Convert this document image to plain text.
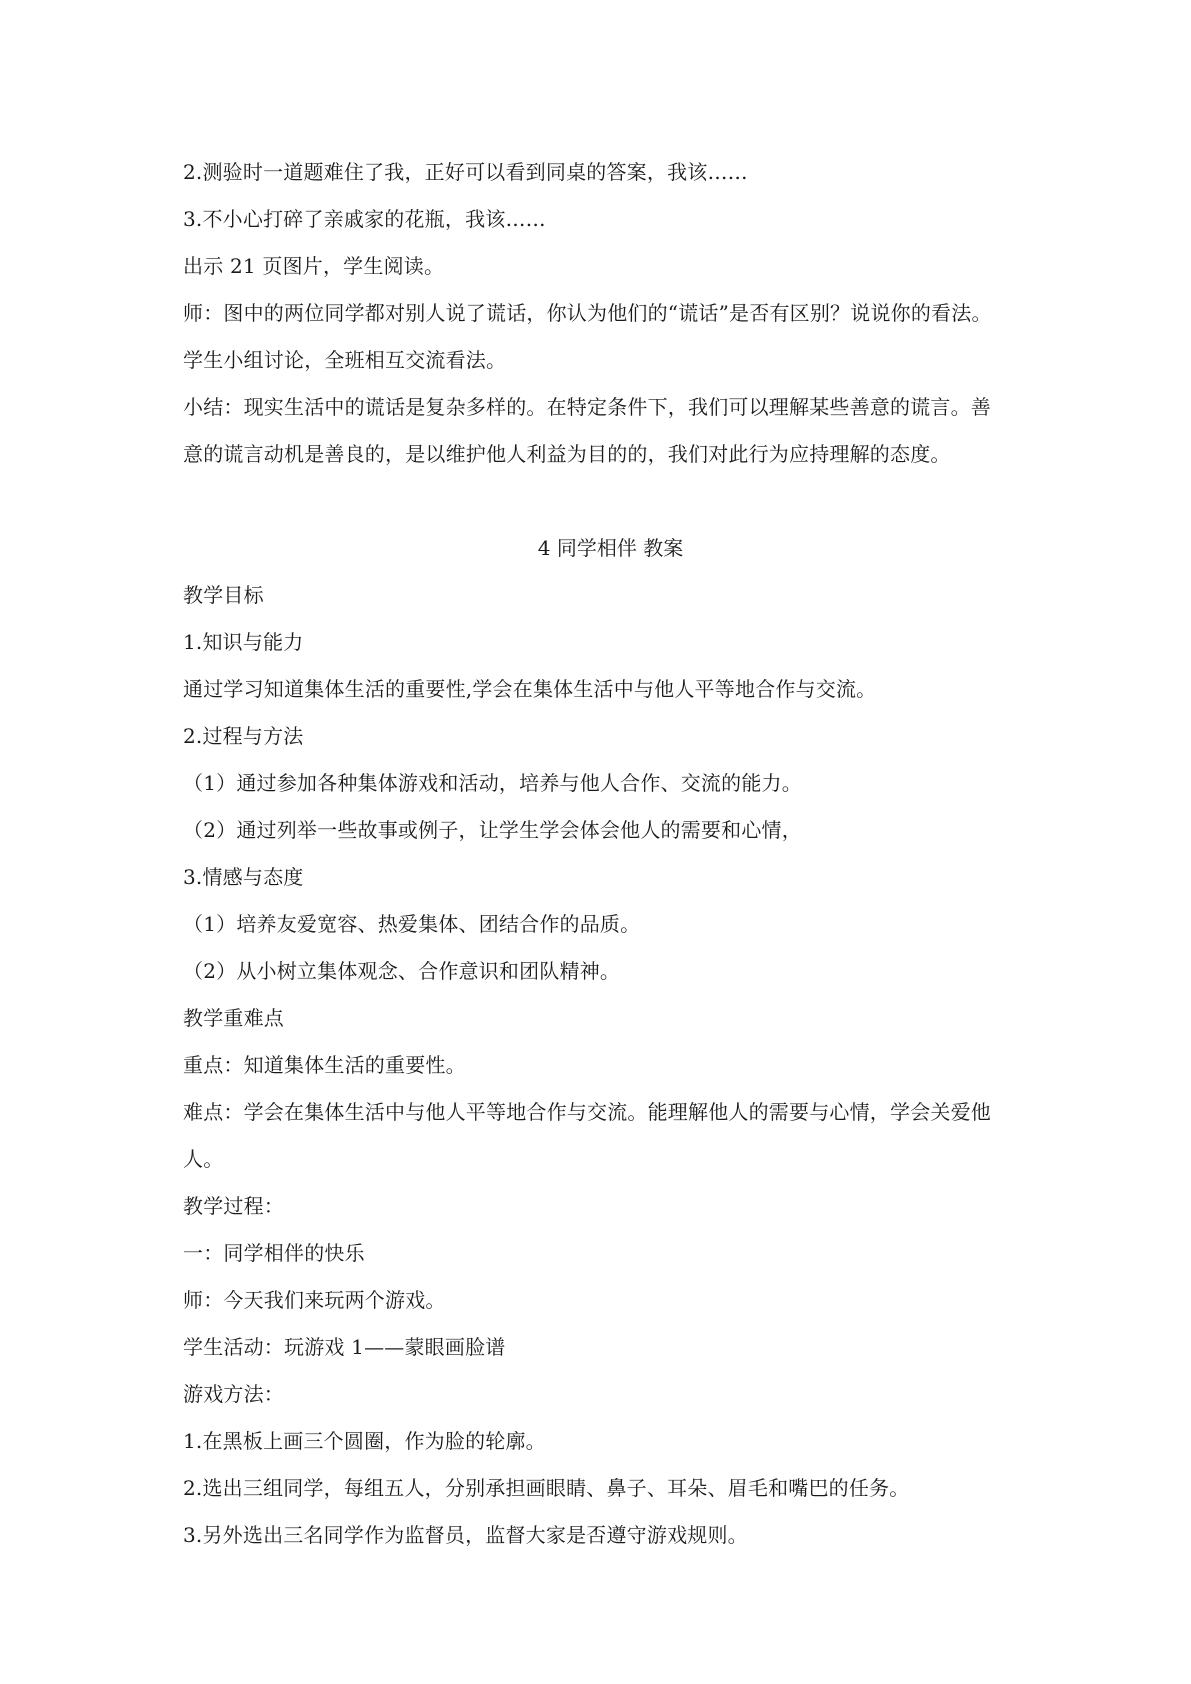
2.测验时一道题难住了我，正好可以看到同桌的答案，我该……
3.不小心打碎了亲戚家的花瓶，我该……
出示 21 页图片，学生阅读。
师：图中的两位同学都对别人说了谎话，你认为他们的“谎话”是否有区别？说说你的看法。
学生小组讨论，全班相互交流看法。
小结：现实生活中的谎话是复杂多样的。在特定条件下，我们可以理解某些善意的谎言。善
意的谎言动机是善良的，是以维护他人利益为目的的，我们对此行为应持理解的态度。
4 同学相伴 教案
教学目标
1.知识与能力
通过学习知道集体生活的重要性,学会在集体生活中与他人平等地合作与交流。
2.过程与方法
（1）通过参加各种集体游戏和活动，培养与他人合作、交流的能力。
（2）通过列举一些故事或例子，让学生学会体会他人的需要和心情，
3.情感与态度
（1）培养友爱宽容、热爱集体、团结合作的品质。
（2）从小树立集体观念、合作意识和团队精神。
教学重难点
重点：知道集体生活的重要性。
难点：学会在集体生活中与他人平等地合作与交流。能理解他人的需要与心情，学会关爱他
人。
教学过程：
一：同学相伴的快乐
师：今天我们来玩两个游戏。
学生活动：玩游戏 1——蒙眼画脸谱
游戏方法：
1.在黑板上画三个圆圈，作为脸的轮廓。
2.选出三组同学，每组五人，分别承担画眼睛、鼻子、耳朵、眉毛和嘴巴的任务。
3.另外选出三名同学作为监督员，监督大家是否遵守游戏规则。
